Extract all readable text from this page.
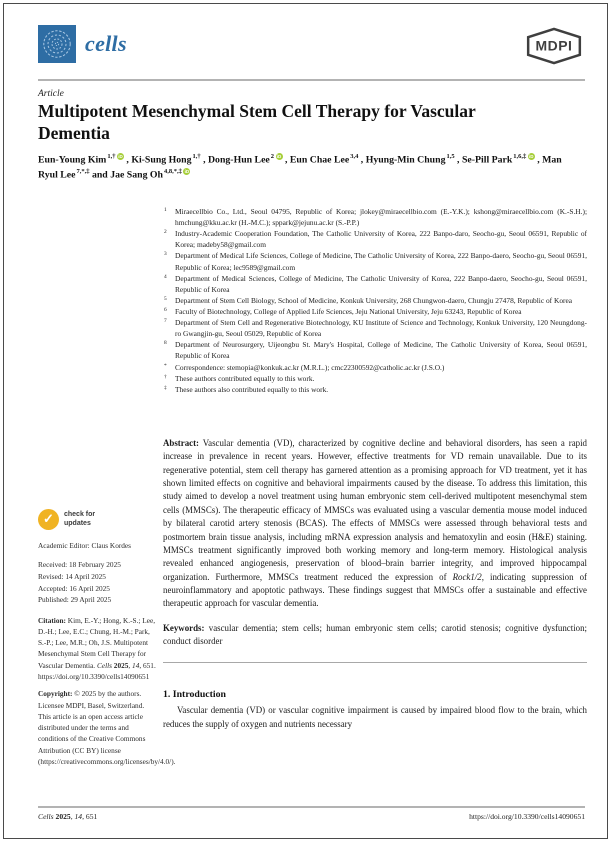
cells	MDPI
Article
Multipotent Mesenchymal Stem Cell Therapy for Vascular Dementia

Eun-Young Kim$^{1,\dagger}$ iD , Ki-Sung Hong$^{1,\dagger}$ , Dong-Hun Lee$^2$ iD , Eun Chae Lee$^{3,4}$ , Hyung-Min Chung$^{1,5}$ , Se-Pill Park$^{1,6,\ddagger}$ iD , Man Ryul Lee$^{7,*,\ddagger}$ and Jae Sang $Oh^{4,8,*,\ddagger}$ iD

1 Miraecellbio Co., Ltd., Seoul 04795, Republic of Korea; jlokey@miraecellbio.com (E.-Y.K.); kshong@miraecellbio.com (K.-S.H.); hmchung@kku.ac.kr (H.-M.C.); sppark@jejunu.ac.kr (S.-P.P.)
2 Industry-Academic Cooperation Foundation, The Catholic University of Korea, 222 Banpo-daro, Seocho-gu, Seoul 06591, Republic of Korea; madeby58@gmail.com
3 Department of Medical Life Sciences, College of Medicine, The Catholic University of Korea, 222 Banpo-daero, Seocho-gu, Seoul 06591, Republic of Korea; lec9589@gmail.com
4 Department of Medical Sciences, College of Medicine, The Catholic University of Korea, 222 Banpo-daero, Seocho-gu, Seoul 06591, Republic of Korea
5 Department of Stem Cell Biology, School of Medicine, Konkuk University, 268 Chungwon-daero, Chungju 27478, Republic of Korea
6 Faculty of Biotechnology, College of Applied Life Sciences, Jeju National University, Jeju 63243, Republic of Korea
7 Department of Stem Cell and Regenerative Biotechnology, KU Institute of Science and Technology, Konkuk University, 120 Neungdong-ro Gwangjin-gu, Seoul 05029, Republic of Korea
8 Department of Neurosurgery, Uijeongbu St. Mary's Hospital, College of Medicine, The Catholic University of Korea, Seoul 06591, Republic of Korea
* Correspondence: stemopia@konkuk.ac.kr (M.R.L.); cmc22300592@catholic.ac.kr (J.S.O.)
† These authors contributed equally to this work.
‡ These authors also contributed equally to this work.

Abstract: Vascular dementia (VD), characterized by cognitive decline and behavioral disorders, has seen a rapid increase in prevalence in recent years. However, effective treatments for VD remain unavailable. Due to its regenerative potential, stem cell therapy has garnered attention as a promising approach for VD treatment, yet it has shown limited effects on cognitive and behavioral impairments caused by the disease. To address this limitation, this study aimed to develop a novel treatment using human embryonic stem cell-derived multipotent mesenchymal stem cells (MMSCs). The therapeutic efficacy of MMSCs was evaluated using a vascular dementia mouse model induced by bilateral carotid artery stenosis (BCAS). The effects of MMSCs were assessed through behavioral tests and postmortem brain tissue analysis, including mRNA expression analysis and hematoxylin and eosin (H&E) staining. MMSCs treatment significantly improved both working memory and long-term memory. Histological analysis revealed enhanced angiogenesis, preservation of blood–brain barrier integrity, and improved hippocampal organization. Furthermore, MMSCs treatment reduced the expression of Rock1/2, indicating suppression of neuroinflammatory and apoptotic pathways. These findings suggest that MMSCs offer a sustainable and effective therapeutic approach for vascular dementia.

Keywords: vascular dementia; stem cells; human embryonic stem cells; carotid stenosis; cognitive dysfunction; conduct disorder

1. Introduction

Vascular dementia (VD) or vascular cognitive impairment is caused by impaired blood flow to the brain, which reduces the supply of oxygen and nutrients necessary

✓	check for
updates
Academic Editor: Claus Kordes
Received: 18 February 2025
Revised: 14 April 2025
Accepted: 16 April 2025
Published: 29 April 2025
Citation: Kim, E.-Y.; Hong, K.-S.; Lee, D.-H.; Lee, E.C.; Chung, H.-M.; Park, S.-P.; Lee, M.R.; Oh, J.S. Multipotent Mesenchymal Stem Cell Therapy for Vascular Dementia. Cells 2025, 14, 651. https://doi.org/10.3390/cells14090651
Copyright: © 2025 by the authors. Licensee MDPI, Basel, Switzerland. This article is an open access article distributed under the terms and conditions of the Creative Commons Attribution (CC BY) license (https://creativecommons.org/licenses/by/4.0/).
Cells 2025, 14, 651	https://doi.org/10.3390/cells14090651
